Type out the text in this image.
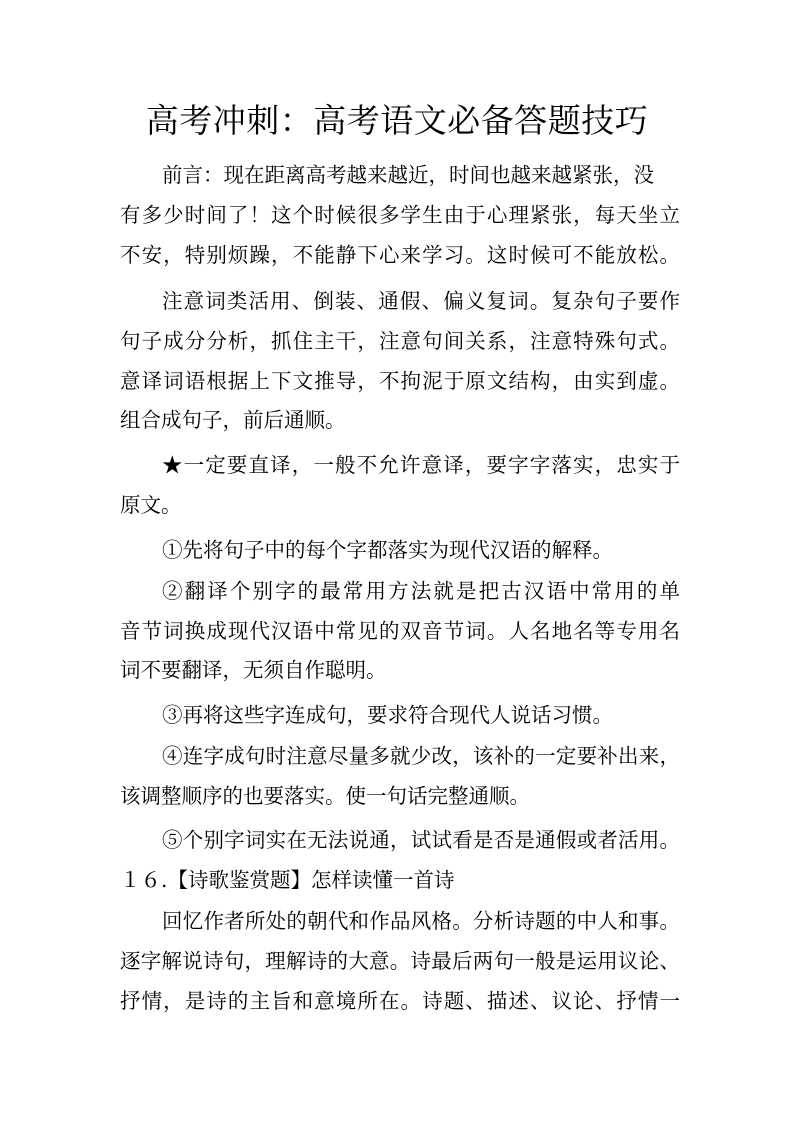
高考冲刺：高考语文必备答题技巧

前言：现在距离高考越来越近，时间也越来越紧张，没

有多少时间了！这个时候很多学生由于心理紧张，每天坐立

不安，特别烦躁，不能静下心来学习。这时候可不能放松。

注意词类活用、倒装、通假、偏义复词。复杂句子要作

句子成分分析，抓住主干，注意句间关系，注意特殊句式。

意译词语根据上下文推导，不拘泥于原文结构，由实到虚。

组合成句子，前后通顺。

★一定要直译，一般不允许意译，要字字落实，忠实于

原文。

①先将句子中的每个字都落实为现代汉语的解释。

②翻译个别字的最常用方法就是把古汉语中常用的单

音节词换成现代汉语中常见的双音节词。人名地名等专用名

词不要翻译，无须自作聪明。

③再将这些字连成句，要求符合现代人说话习惯。

④连字成句时注意尽量多就少改，该补的一定要补出来，

该调整顺序的也要落实。使一句话完整通顺。

⑤个别字词实在无法说通，试试看是否是通假或者活用。

１６.【诗歌鉴赏题】怎样读懂一首诗

回忆作者所处的朝代和作品风格。分析诗题的中人和事。

逐字解说诗句，理解诗的大意。诗最后两句一般是运用议论、

抒情，是诗的主旨和意境所在。诗题、描述、议论、抒情一
